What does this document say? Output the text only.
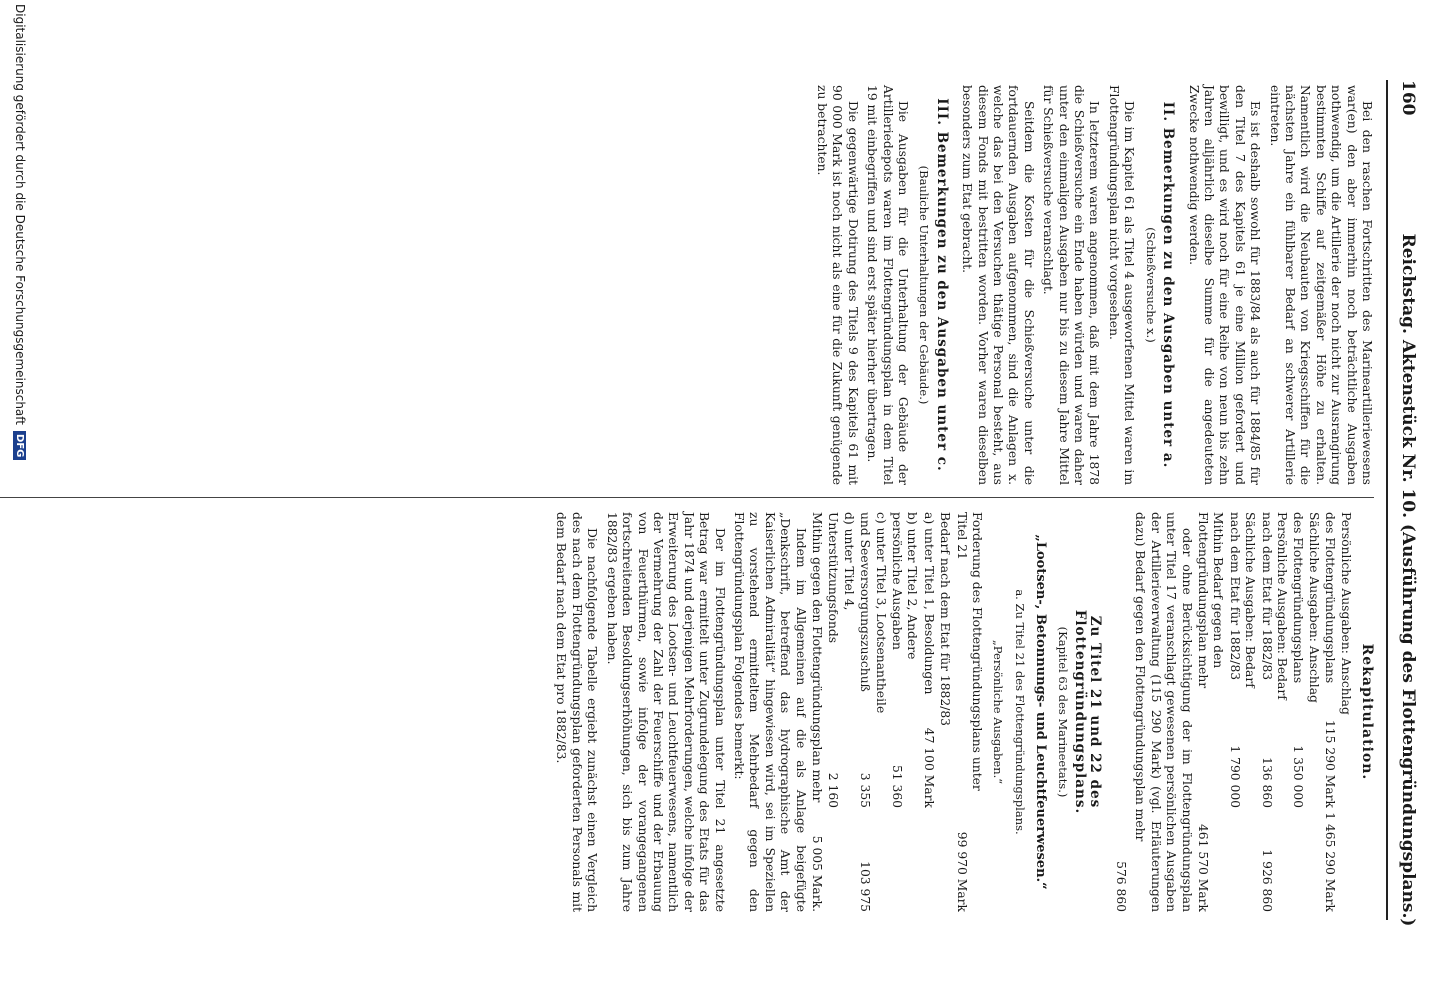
160
Reichstag. Aktenstück Nr. 10. (Ausführung des Flottengründungsplans.)

Bei den raschen Fortschritten des Marineartilleriewesens war(en) den aber immerhin noch beträchtliche Ausgaben nothwendig, um die Artillerie der noch nicht zur Ausrangirung bestimmten Schiffe auf zeitgemäßer Höhe zu erhalten. Namentlich wird die Neubauten von Kriegsschiffen für die nächsten Jahre ein fühlbarer Bedarf an schwerer Artillerie eintreten.

Es ist deshalb sowohl für 1883/84 als auch für 1884/85 für den Titel 7 des Kapitels 61 je eine Million gefordert und bewilligt, und es wird noch für eine Reihe von neun bis zehn Jahren alljährlich dieselbe Summe für die angedeuteten Zwecke nothwendig werden.

II. Bemerkungen zu den Ausgaben unter a.
(Schießversuche x.)

Die im Kapitel 61 als Titel 4 ausgeworfenen Mittel waren im Flottengründungsplan nicht vorgesehen.

In letzterem waren angenommen, daß mit dem Jahre 1878 die Schießversuche ein Ende haben würden und waren daher unter den einmaligen Ausgaben nur bis zu diesem Jahre Mittel für Schießversuche veranschlagt.

Seitdem die Kosten für die Schießversuche unter die fortdauernden Ausgaben aufgenommen, sind die Anlagen x. welche das bei den Versuchen thätige Personal besteht, aus diesem Fonds mit bestritten worden. Vorher waren dieselben besonders zum Etat gebracht.

III. Bemerkungen zu den Ausgaben unter c.
(Bauliche Unterhaltungen der Gebäude.)

Die Ausgaben für die Unterhaltung der Gebäude der Artilleriedepots waren im Flottengründungsplan in dem Titel 19 mit einbegriffen und sind erst später hierher übertragen.

Die gegenwärtige Dotirung des Titels 9 des Kapitels 61 mit 90 000 Mark ist noch nicht als eine für die Zukunft genügende zu betrachten.

Rekapitulation.
Persönliche Ausgaben: Anschlag des Flottengründungsplans
115 290 Mark
1 465 290 Mark
Sächliche Ausgaben: Anschlag des Flottengründungsplans
1 350 000
Persönliche Ausgaben: Bedarf nach dem Etat für 1882/83
136 860
1 926 860
Sächliche Ausgaben: Bedarf nach dem Etat für 1882/83
1 790 000
Mithin Bedarf gegen den Flottengründungsplan mehr
461 570 Mark

oder ohne Berücksichtigung der im Flottengründungsplan unter Titel 17 veranschlagt gewesenen persönlichen Ausgaben der Artillerieverwaltung (115 290 Mark) (vgl. Erläuterungen dazu) Bedarf gegen den Flottengründungsplan mehr

576 860
Zu Titel 21 und 22 des Flottengründungsplans.
(Kapitel 63 des Marineetats.)
„Lootsen-, Betonnungs- und Leuchtfeuerwesen.“
a. Zu Titel 21 des Flottengründungsplans.
„Persönliche Ausgaben.“
Forderung des Flottengründungsplans unter Titel 21
99 970 Mark
Bedarf nach dem Etat für 1882/83
a) unter Titel 1, Besoldungen
47 100 Mark
b) unter Titel 2, Andere persönliche Ausgaben
51 360
c) unter Titel 3, Lootsenantheile und Seeversorgungszuschuß
3 355
103 975
d) unter Titel 4, Unterstützungsfonds
2 160
Mithin gegen den Flottengründungsplan mehr
5 005 Mark.

Indem im Allgemeinen auf die als Anlage beigefügte „Denkschrift, betreffend das hydrographische Amt der Kaiserlichen Admiralität“ hingewiesen wird, sei im Speziellen zu vorstehend ermitteltem Mehrbedarf gegen den Flottengründungsplan Folgendes bemerkt:

Der im Flottengründungsplan unter Titel 21 angesetzte Betrag war ermittelt unter Zugrundelegung des Etats für das Jahr 1874 und derjenigen Mehrforderungen, welche infolge der Erweiterung des Lootsen- und Leuchtfeuerwesens, namentlich der Vermehrung der Zahl der Feuerschiffe und der Erbauung von Feuerthürmen, sowie infolge der vorangegangenen fortschreitenden Besoldungserhöhungen, sich bis zum Jahre 1882/83 ergeben haben.

Die nachfolgende Tabelle ergiebt zunächst einen Vergleich des nach dem Flottengründungsplan geforderten Personals mit dem Bedarf nach dem Etat pro 1882/83.

Digitalisierung gefördert durch die Deutsche Forschungsgemeinschaft
DFG
